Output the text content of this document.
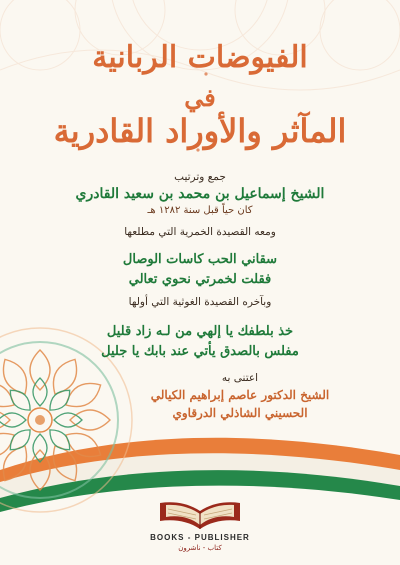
الفيوضات الربانية
في
المآثر والأوراد القادرية
جمع وترتيب
الشيخ إسماعيل بن محمد بن سعيد القادري
كان حياً قبل سنة ١٢٨٢ هـ
ومعه القصيدة الخمرية التي مطلعها
سقاني الحب كاسات الوصال
فقلت لخمرتي نحوي تعالي
وبآخره القصيدة الغوثية التي أولها
خذ بلطفك يا إلهي من لـه زاد قليل
مفلس بالصدق يأتي عند بابك يا جليل
اعتنى به
الشيخ الدكتور عاصم إبراهيم الكيالي
الحسيني الشاذلي الدرقاوي
BOOKS - PUBLISHER
كتاب - ناشرون
